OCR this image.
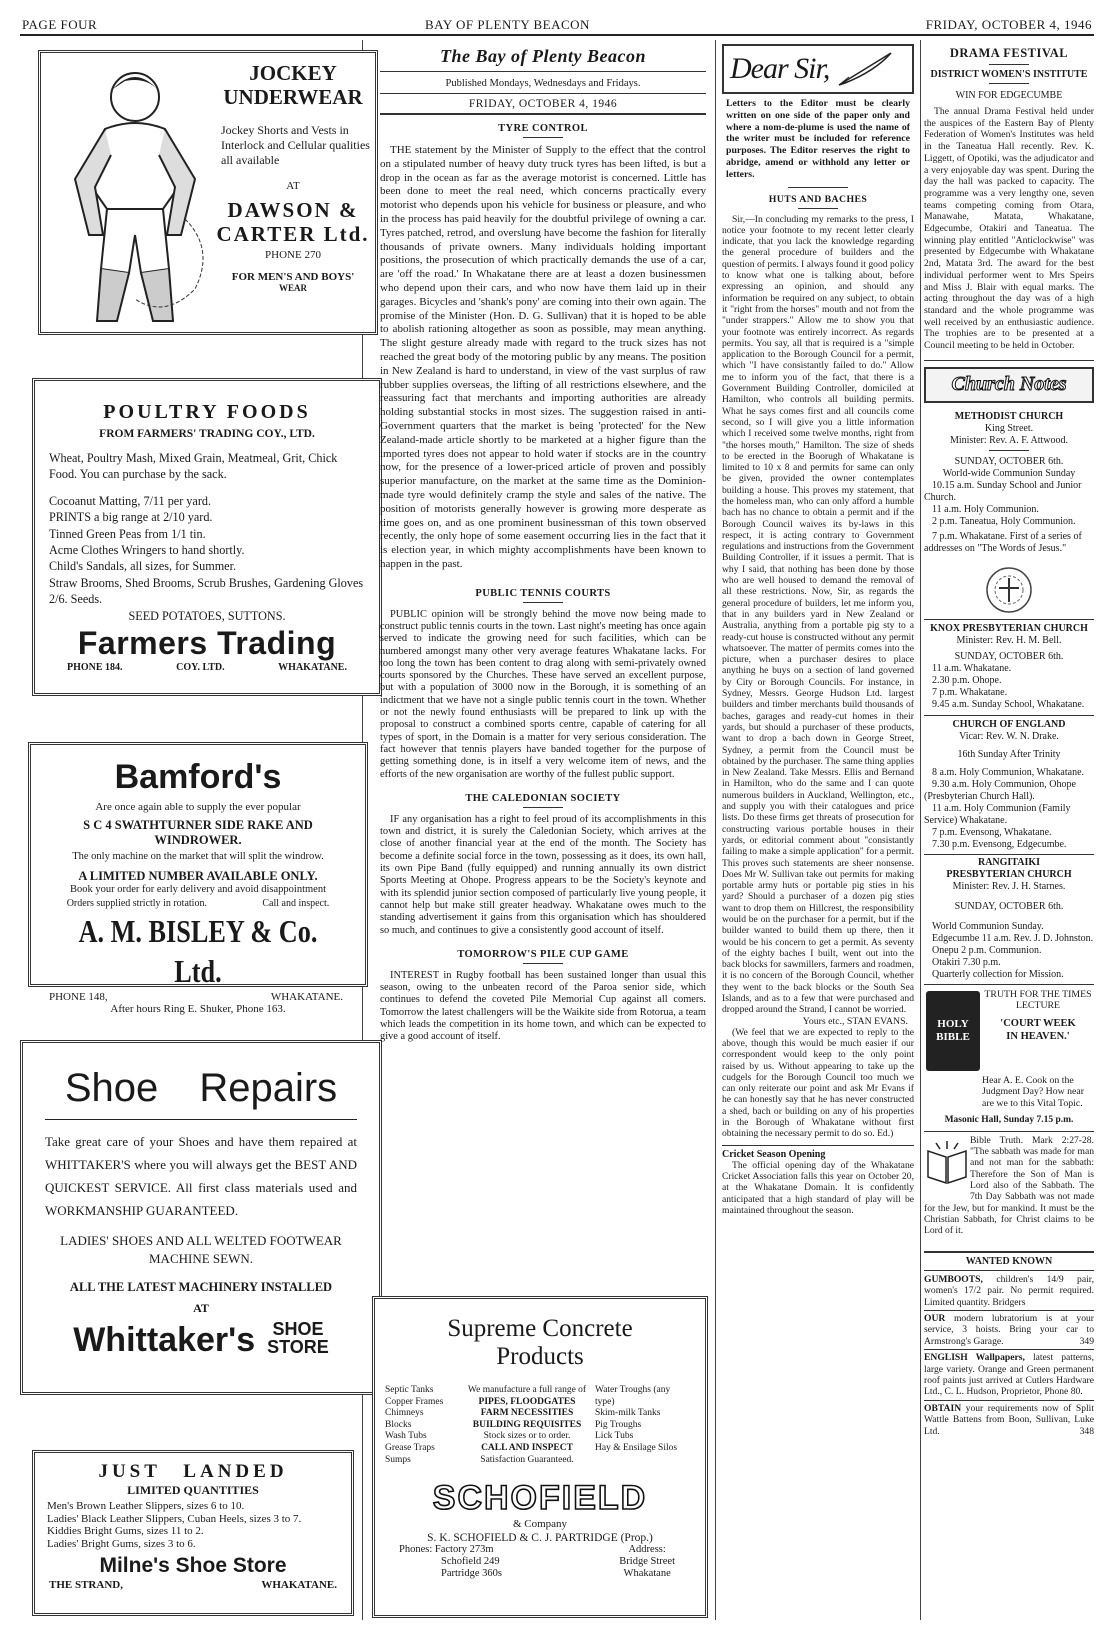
PAGE FOUR	BAY OF PLENTY BEACON	FRIDAY, OCTOBER 4, 1946
JOCKEY
UNDERWEAR
Jockey Shorts and Vests in Interlock and Cellular qualities all available
AT
DAWSON &
CARTER Ltd.
PHONE 270
FOR MEN'S AND BOYS'
WEAR
POULTRY FOODS
FROM FARMERS' TRADING COY., LTD.
Wheat, Poultry Mash, Mixed Grain, Meatmeal, Grit, Chick Food. You can purchase by the sack.
Cocoanut Matting, 7/11 per yard.
PRINTS a big range at 2/10 yard.
Tinned Green Peas from 1/1 tin.
Acme Clothes Wringers to hand shortly.
Child's Sandals, all sizes, for Summer.
Straw Brooms, Shed Brooms, Scrub Brushes, Gardening Gloves 2/6. Seeds.
SEED POTATOES, SUTTONS.
Farmers Trading
PHONE 184.	COY. LTD.	WHAKATANE.
Bamford's
Are once again able to supply the ever popular
S C 4 SWATHTURNER SIDE RAKE AND WINDROWER.
The only machine on the market that will split the windrow.
A LIMITED NUMBER AVAILABLE ONLY.
Book your order for early delivery and avoid disappointment
Orders supplied strictly in rotation.	Call and inspect.
A. M. BISLEY & Co. Ltd.
PHONE 148,	WHAKATANE.
After hours Ring E. Shuker, Phone 163.
Shoe Repairs
Take great care of your Shoes and have them repaired at WHITTAKER'S where you will always get the BEST AND QUICKEST SERVICE. All first class materials used and WORKMANSHIP GUARANTEED.
LADIES' SHOES AND ALL WELTED FOOTWEAR MACHINE SEWN.
ALL THE LATEST MACHINERY INSTALLED
AT
Whittaker's SHOE
STORE
JUST LANDED
LIMITED QUANTITIES
Men's Brown Leather Slippers, sizes 6 to 10.
Ladies' Black Leather Slippers, Cuban Heels, sizes 3 to 7.
Kiddies Bright Gums, sizes 11 to 2.
Ladies' Bright Gums, sizes 3 to 6.
Milne's Shoe Store
THE STRAND,	WHAKATANE.
The Bay of Plenty Beacon
Published Mondays, Wednesdays and Fridays.
FRIDAY, OCTOBER 4, 1946
TYRE CONTROL

THE statement by the Minister of Supply to the effect that the control on a stipulated number of heavy duty truck tyres has been lifted, is but a drop in the ocean as far as the average motorist is concerned. Little has been done to meet the real need, which concerns practically every motorist who depends upon his vehicle for business or pleasure, and who in the process has paid heavily for the doubtful privilege of owning a car. Tyres patched, retrod, and overslung have become the fashion for literally thousands of private owners. Many individuals holding important positions, the prosecution of which practically demands the use of a car, are 'off the road.' In Whakatane there are at least a dozen businessmen who depend upon their cars, and who now have them laid up in their garages. Bicycles and 'shank's pony' are coming into their own again. The promise of the Minister (Hon. D. G. Sullivan) that it is hoped to be able to abolish rationing altogether as soon as possible, may mean anything. The slight gesture already made with regard to the truck sizes has not reached the great body of the motoring public by any means. The position in New Zealand is hard to understand, in view of the vast surplus of raw rubber supplies overseas, the lifting of all restrictions elsewhere, and the reassuring fact that merchants and importing authorities are already holding substantial stocks in most sizes. The suggestion raised in anti-Government quarters that the market is being 'protected' for the New Zealand-made article shortly to be marketed at a higher figure than the imported tyres does not appear to hold water if stocks are in the country now, for the presence of a lower-priced article of proven and possibly superior manufacture, on the market at the same time as the Dominion-made tyre would definitely cramp the style and sales of the native. The position of motorists generally however is growing more desperate as time goes on, and as one prominent businessman of this town observed recently, the only hope of some easement occurring lies in the fact that it is election year, in which mighty accomplishments have been known to happen in the past.

PUBLIC TENNIS COURTS

PUBLIC opinion will be strongly behind the move now being made to construct public tennis courts in the town. Last night's meeting has once again served to indicate the growing need for such facilities, which can be numbered amongst many other very average features Whakatane lacks. For too long the town has been content to drag along with semi-privately owned courts sponsored by the Churches. These have served an excellent purpose, but with a population of 3000 now in the Borough, it is something of an indictment that we have not a single public tennis court in the town. Whether or not the newly found enthusiasts will be prepared to link up with the proposal to construct a combined sports centre, capable of catering for all types of sport, in the Domain is a matter for very serious consideration. The fact however that tennis players have banded together for the purpose of getting something done, is in itself a very welcome item of news, and the efforts of the new organisation are worthy of the fullest public support.

THE CALEDONIAN SOCIETY

IF any organisation has a right to feel proud of its accomplishments in this town and district, it is surely the Caledonian Society, which arrives at the close of another financial year at the end of the month. The Society has become a definite social force in the town, possessing as it does, its own hall, its own Pipe Band (fully equipped) and running annually its own district Sports Meeting at Ohope. Progress appears to be the Society's keynote and with its splendid junior section composed of particularly live young people, it cannot help but make still greater headway. Whakatane owes much to the standing advertisement it gains from this organisation which has shouldered so much, and continues to give a consistently good account of itself.

TOMORROW'S PILE CUP GAME

INTEREST in Rugby football has been sustained longer than usual this season, owing to the unbeaten record of the Paroa senior side, which continues to defend the coveted Pile Memorial Cup against all comers. Tomorrow the latest challengers will be the Waikite side from Rotorua, a team which leads the competition in its home town, and which can be expected to give a good account of itself.

Supreme Concrete
Products
Septic Tanks
Copper Frames
Chimneys
Blocks
Wash Tubs
Grease Traps
Sumps
We manufacture a full range of
PIPES, FLOODGATES
FARM NECESSITIES
BUILDING REQUISITES
Stock sizes or to order.
CALL AND INSPECT
Satisfaction Guaranteed.
Water Troughs (any type)
Skim-milk Tanks
Pig Troughs
Lick Tubs
Hay & Ensilage Silos
SCHOFIELD
& Company
S. K. SCHOFIELD & C. J. PARTRIDGE (Prop.)
Phones: Factory 273m
Schofield 249
Partridge 360s
Address:
Bridge Street
Whakatane
Dear Sir,
Letters to the Editor must be clearly written on one side of the paper only and where a nom-de-plume is used the name of the writer must be included for reference purposes. The Editor reserves the right to abridge, amend or withhold any letter or letters.
HUTS AND BACHES

Sir,—In concluding my remarks to the press, I notice your footnote to my recent letter clearly indicate, that you lack the knowledge regarding the general procedure of builders and the question of permits. I always found it good policy to know what one is talking about, before expressing an opinion, and should any information be required on any subject, to obtain it "right from the horses" mouth and not from the "under strappers." Allow me to show you that your footnote was entirely incorrect. As regards permits. You say, all that is required is a "simple application to the Borough Council for a permit, which "I have consistantly failed to do." Allow me to inform you of the fact, that there is a Government Building Controller, domiciled at Hamilton, who controls all building permits. What he says comes first and all councils come second, so I will give you a little information which I received some twelve months, right from "the horses mouth," Hamilton. The size of sheds to be erected in the Boorugh of Whakatane is limited to 10 x 8 and permits for same can only be given, provided the owner contemplates building a house. This proves my statement, that the homeless man, who can only afford a humble bach has no chance to obtain a permit and if the Borough Council waives its by-laws in this respect, it is acting contrary to Government regulations and instructions from the Government Building Controller, if it issues a permit. That is why I said, that nothing has been done by those who are well housed to demand the removal of all these restrictions. Now, Sir, as regards the general procedure of builders, let me inform you, that in any builders yard in New Zealand or Australia, anything from a portable pig sty to a ready-cut house is constructed without any permit whatsoever. The matter of permits comes into the picture, when a purchaser desires to place anything he buys on a section of land governed by City or Borough Councils. For instance, in Sydney, Messrs. George Hudson Ltd. largest builders and timber merchants build thousands of baches, garages and ready-cut homes in their yards, but should a purchaser of these products, want to drop a bach down in George Street, Sydney, a permit from the Council must be obtained by the purchaser. The same thing applies in New Zealand. Take Messrs. Ellis and Bernand in Hamilton, who do the same and I can quote numerous builders in Auckland, Wellington, etc., and supply you with their catalogues and price lists. Do these firms get threats of prosecution for constructing various portable houses in their yards, or editorial comment about "consistantly failing to make a simple application" for a permit. This proves such statements are sheer nonsense. Does Mr W. Sullivan take out permits for making portable army huts or portable pig sties in his yard? Should a purchaser of a dozen pig sties want to drop them on Hillcrest, the responsibility would be on the purchaser for a permit, but if the builder wanted to build them up there, then it would be his concern to get a permit. As seventy of the eighty baches I built, went out into the back blocks for sawmillers, farmers and roadmen, it is no concern of the Borough Council, whether they went to the back blocks or the South Sea Islands, and as to a few that were purchased and dropped around the Strand, I cannot be worried.

Yours etc., STAN EVANS.

(We feel that we are expected to reply to the above, though this would be much easier if our correspondent would keep to the only point raised by us. Without appearing to take up the cudgels for the Borough Council too much we can only reiterate our point and ask Mr Evans if he can honestly say that he has never constructed a shed, bach or building on any of his properties in the Borough of Whakatane without first obtaining the necessary permit to do so. Ed.)

Cricket Season Opening

The official opening day of the Whakatane Cricket Association falls this year on October 20, at the Whakatane Domain. It is confidently anticipated that a high standard of play will be maintained throughout the season.

DRAMA FESTIVAL
DISTRICT WOMEN'S INSTITUTE
WIN FOR EDGECUMBE

The annual Drama Festival held under the auspices of the Eastern Bay of Plenty Federation of Women's Institutes was held in the Taneatua Hall recently. Rev. K. Liggett, of Opotiki, was the adjudicator and a very enjoyable day was spent. During the day the hall was packed to capacity. The programme was a very lengthy one, seven teams competing coming from Otara, Manawahe, Matata, Whakatane, Edgecumbe, Otakiri and Taneatua. The winning play entitled "Anticlockwise" was presented by Edgecumbe with Whakatane 2nd, Matata 3rd. The award for the best individual performer went to Mrs Speirs and Miss J. Blair with equal marks. The acting throughout the day was of a high standard and the whole programme was well received by an enthusiastic audience. The trophies are to be presented at a Council meeting to be held in October.

Church Notes
METHODIST CHURCH
King Street.
Minister: Rev. A. F. Attwood.
SUNDAY, OCTOBER 6th.
World-wide Communion Sunday
10.15 a.m. Sunday School and Junior Church.
11 a.m. Holy Communion.
2 p.m. Taneatua, Holy Communion.
7 p.m. Whakatane. First of a series of addresses on "The Words of Jesus."
KNOX PRESBYTERIAN CHURCH
Minister: Rev. H. M. Bell.
SUNDAY, OCTOBER 6th.
11 a.m. Whakatane.
2.30 p.m. Ohope.
7 p.m. Whakatane.
9.45 a.m. Sunday School, Whakatane.
CHURCH OF ENGLAND
Vicar: Rev. W. N. Drake.
16th Sunday After Trinity
8 a.m. Holy Communion, Whakatane.
9.30 a.m. Holy Communion, Ohope (Presbyterian Church Hall).
11 a.m. Holy Communion (Family Service) Whakatane.
7 p.m. Evensong, Whakatane.
7.30 p.m. Evensong, Edgecumbe.
RANGITAIKI
PRESBYTERIAN CHURCH
Minister: Rev. J. H. Starnes.
SUNDAY, OCTOBER 6th.
World Communion Sunday.
Edgecumbe 11 a.m. Rev. J. D. Johnston.
Onepu 2 p.m. Communion.
Otakiri 7.30 p.m.
Quarterly collection for Mission.
HOLY BIBLE
TRUTH FOR THE TIMES LECTURE
'COURT WEEK IN HEAVEN.'
Hear A. E. Cook on the Judgment Day? How near are we to this Vital Topic.
Masonic Hall, Sunday 7.15 p.m.
Bible Truth. Mark 2:27-28. "The sabbath was made for man and not man for the sabbath: Therefore the Son of Man is Lord also of the Sabbath. The 7th Day Sabbath was not made for the Jew, but for mankind. It must be the Christian Sabbath, for Christ claims to be Lord of it.
WANTED KNOWN
GUMBOOTS, children's 14/9 pair, women's 17/2 pair. No permit required. Limited quantity. Bridgers
OUR modern lubratorium is at your service, 3 hoists. Bring your car to Armstrong's Garage.	349
ENGLISH Wallpapers, latest patterns, large variety. Orange and Green permanent roof paints just arrived at Cutlers Hardware Ltd., C. L. Hudson, Proprietor, Phone 80.
OBTAIN your requirements now of Split Wattle Battens from Boon, Sullivan, Luke Ltd.	348
